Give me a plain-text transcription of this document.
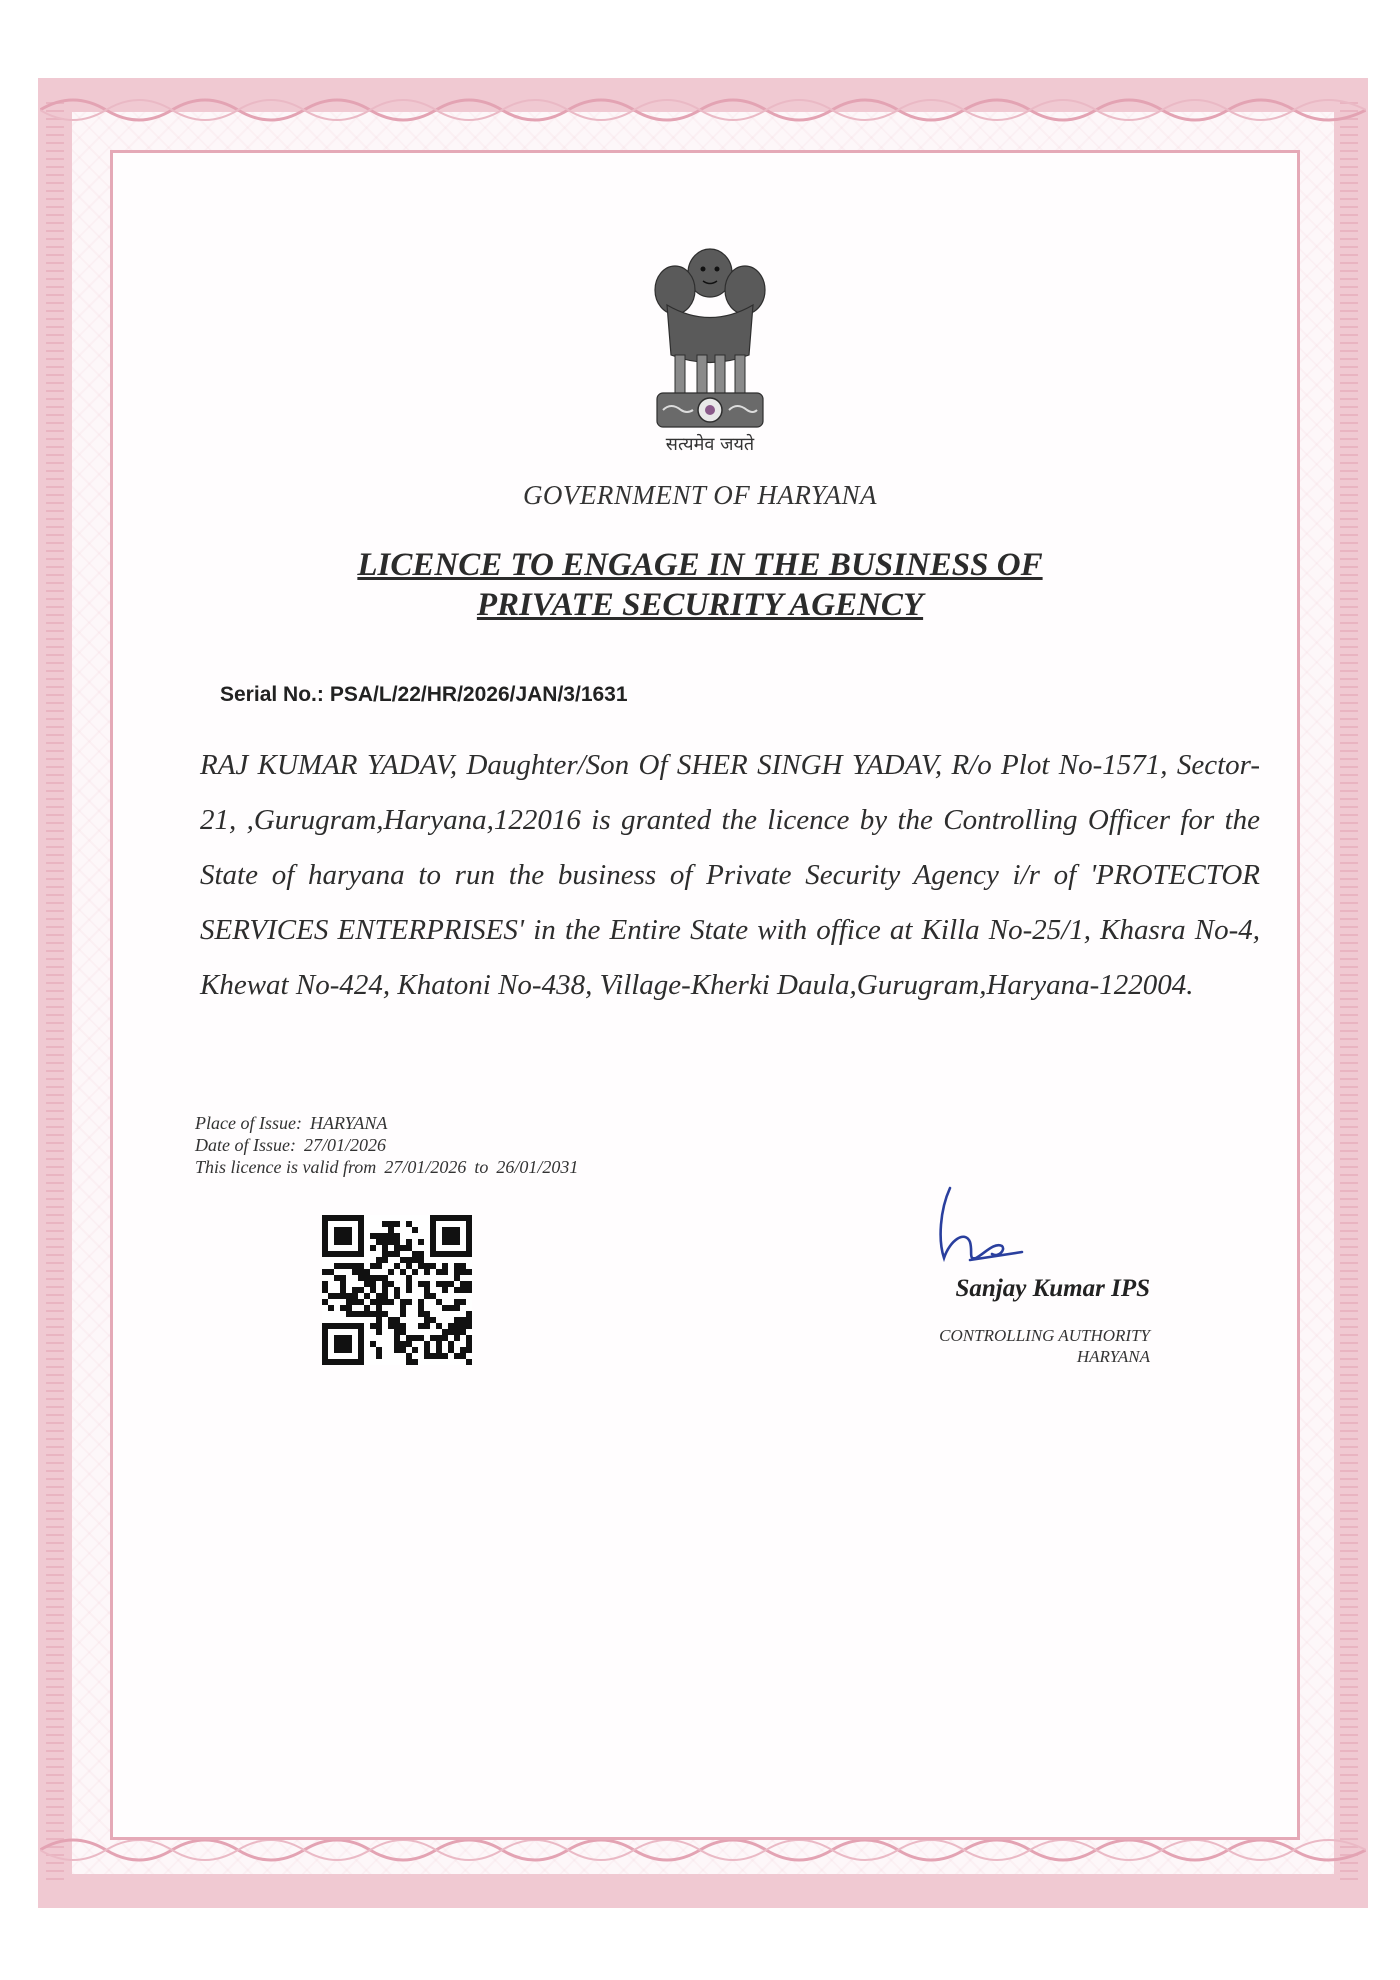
सत्यमेव जयते
GOVERNMENT OF HARYANA
LICENCE TO ENGAGE IN THE BUSINESS OF
PRIVATE SECURITY AGENCY
Serial No.: PSA/L/22/HR/2026/JAN/3/1631
RAJ KUMAR YADAV, Daughter/Son Of SHER SINGH YADAV, R/o Plot No-1571, Sector-21, ,Gurugram,Haryana,122016 is granted the licence by the Controlling Officer for the State of haryana to run the business of Private Security Agency i/r of 'PROTECTOR SERVICES ENTERPRISES' in the Entire State with office at Killa No-25/1, Khasra No-4, Khewat No-424, Khatoni No-438, Village-Kherki Daula,Gurugram,Haryana-122004.
Place of Issue: HARYANA
Date of Issue: 27/01/2026
This licence is valid from 27/01/2026 to 26/01/2031
Sanjay Kumar IPS
CONTROLLING AUTHORITY
HARYANA
